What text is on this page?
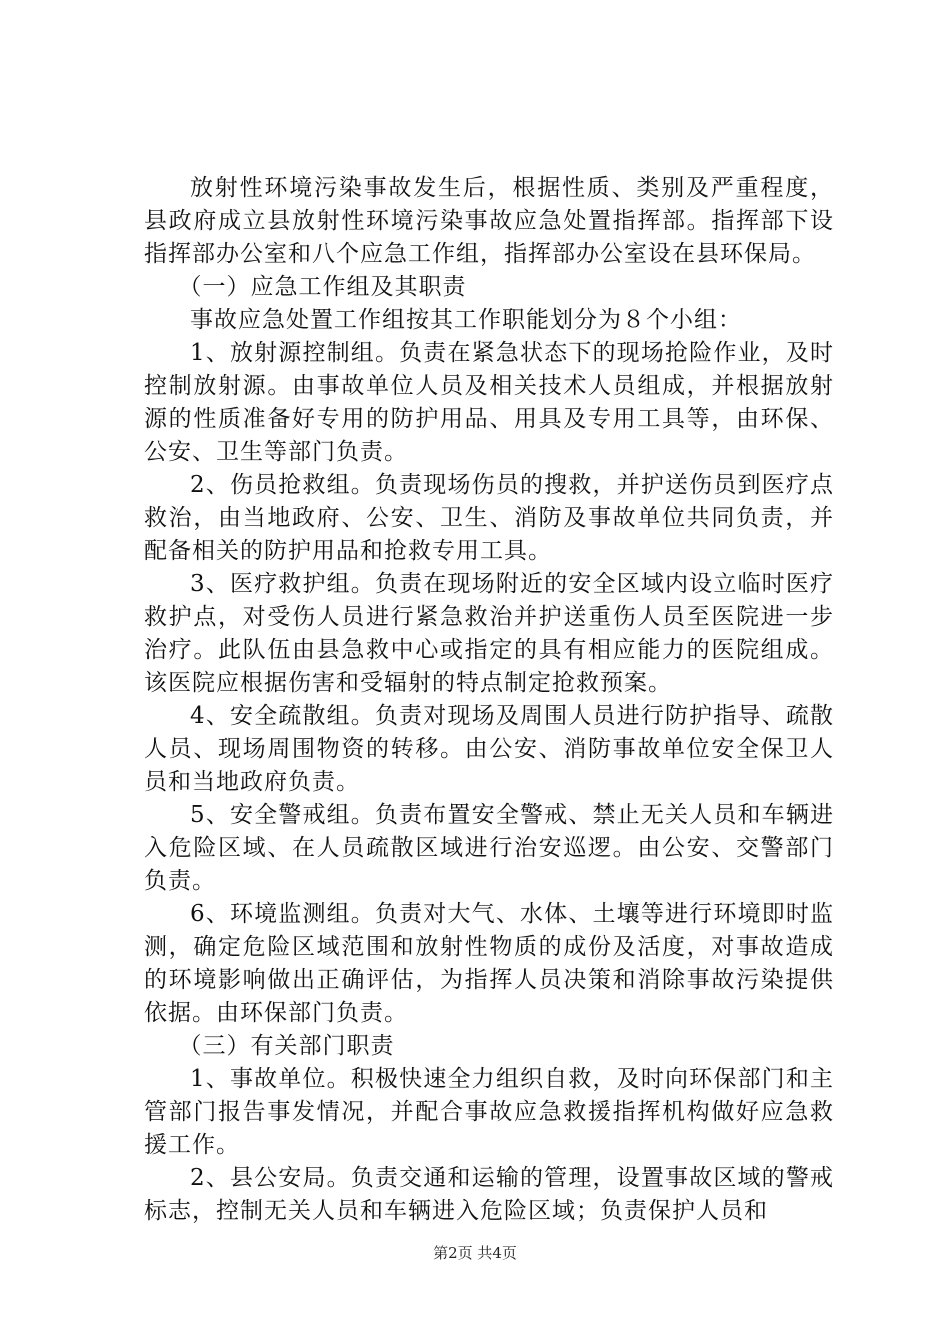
放射性环境污染事故发生后，根据性质、类别及严重程度，县政府成立县放射性环境污染事故应急处置指挥部。指挥部下设指挥部办公室和八个应急工作组，指挥部办公室设在县环保局。

（一）应急工作组及其职责

事故应急处置工作组按其工作职能划分为８个小组：

1、放射源控制组。负责在紧急状态下的现场抢险作业，及时控制放射源。由事故单位人员及相关技术人员组成，并根据放射源的性质准备好专用的防护用品、用具及专用工具等，由环保、公安、卫生等部门负责。

2、伤员抢救组。负责现场伤员的搜救，并护送伤员到医疗点救治，由当地政府、公安、卫生、消防及事故单位共同负责，并配备相关的防护用品和抢救专用工具。

3、医疗救护组。负责在现场附近的安全区域内设立临时医疗救护点，对受伤人员进行紧急救治并护送重伤人员至医院进一步治疗。此队伍由县急救中心或指定的具有相应能力的医院组成。该医院应根据伤害和受辐射的特点制定抢救预案。

4、安全疏散组。负责对现场及周围人员进行防护指导、疏散人员、现场周围物资的转移。由公安、消防事故单位安全保卫人员和当地政府负责。

5、安全警戒组。负责布置安全警戒、禁止无关人员和车辆进入危险区域、在人员疏散区域进行治安巡逻。由公安、交警部门负责。

6、环境监测组。负责对大气、水体、土壤等进行环境即时监测，确定危险区域范围和放射性物质的成份及活度，对事故造成的环境影响做出正确评估，为指挥人员决策和消除事故污染提供依据。由环保部门负责。

（三）有关部门职责

1、事故单位。积极快速全力组织自救，及时向环保部门和主管部门报告事发情况，并配合事故应急救援指挥机构做好应急救援工作。

2、县公安局。负责交通和运输的管理，设置事故区域的警戒标志，控制无关人员和车辆进入危险区域；负责保护人员和

第2页 共4页
